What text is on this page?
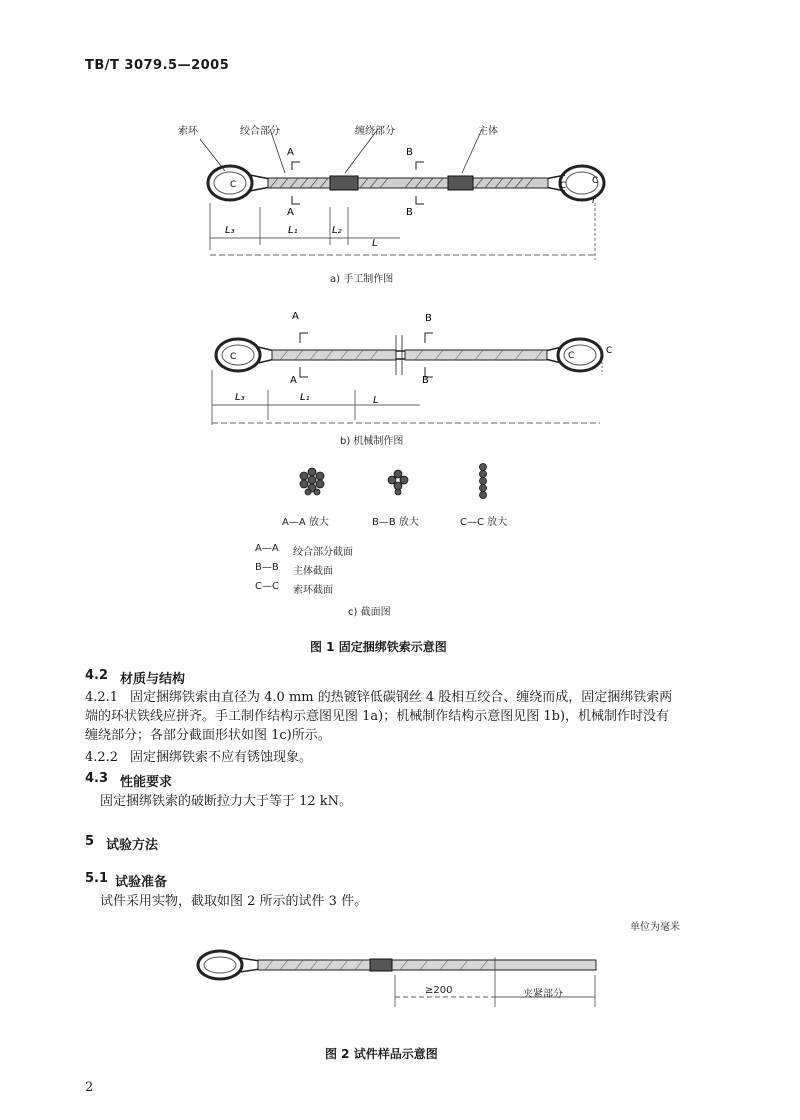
TB/T 3079.5—2005
A
A
B
B
C
C	C
r
L₃	L₁	L₂
L
索环	绞合部分	缠绕部分	主体
a) 手工制作图
A
A
B
B
C	C
C
L₃	L₁	L
b) 机械制作图
A—A 放大	B—B 放大	C—C 放大
A—A 绞合部分截面
B—B 主体截面
C—C 索环截面
c) 截面图
图 1 固定捆绑铁索示意图
4.2 材质与结构
4.2.1 固定捆绑铁索由直径为 4.0 mm 的热镀锌低碳钢丝 4 股相互绞合、缠绕而成，固定捆绑铁索两
端的环状铁线应拼齐。手工制作结构示意图见图 1a)；机械制作结构示意图见图 1b)，机械制作时没有
缠绕部分；各部分截面形状如图 1c)所示。
4.2.2 固定捆绑铁索不应有锈蚀现象。
4.3 性能要求
固定捆绑铁索的破断拉力大于等于 12 kN。
5 试验方法
5.1 试验准备
试件采用实物，截取如图 2 所示的试件 3 件。
单位为毫米
≥200	夹紧部分
图 2 试件样品示意图
2
